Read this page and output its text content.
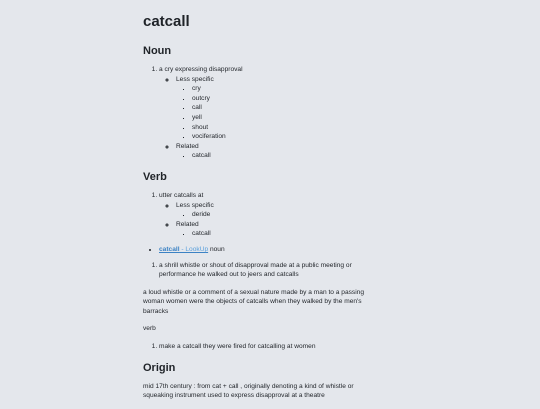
catcall
Noun
1. a cry expressing disapproval
◦ Less specific
▪ cry
▪ outcry
▪ call
▪ yell
▪ shout
▪ vociferation
◦ Related
▪ catcall
Verb
1. utter catcalls at
◦ Less specific
▪ deride
◦ Related
▪ catcall
• catcall - LookUp noun
1. a shrill whistle or shout of disapproval made at a public meeting or performance he walked out to jeers and catcalls

a loud whistle or a comment of a sexual nature made by a man to a passing woman women were the objects of catcalls when they walked by the men's barracks

verb

1. make a catcall they were fired for catcalling at women
Origin

mid 17th century : from cat + call , originally denoting a kind of whistle or squeaking instrument used to express disapproval at a theatre
